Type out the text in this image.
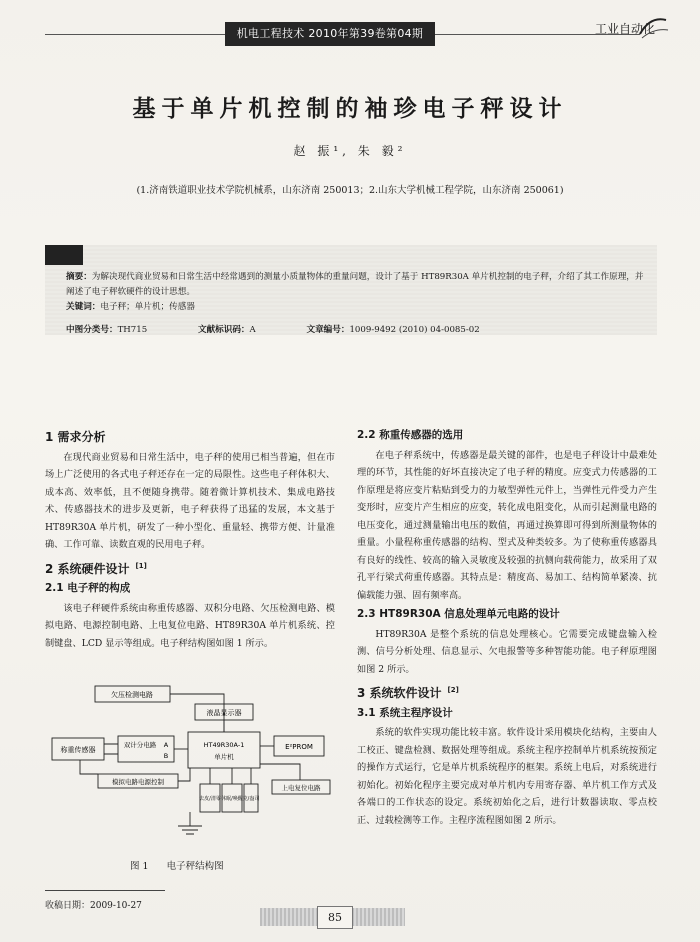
机电工程技术 2010年第39卷第04期	工业自动化
基于单片机控制的袖珍电子秤设计
赵 振¹, 朱 毅²
(1.济南铁道职业技术学院机械系，山东济南 250013；2.山东大学机械工程学院，山东济南 250061)
摘要：为解决现代商业贸易和日常生活中经常遇到的测量小质量物体的重量问题，设计了基于 HT89R30A 单片机控制的电子秤，介绍了其工作原理，并阐述了电子秤软硬件的设计思想。
关键词：电子秤；单片机；传感器
中图分类号：TH715	文献标识码：A	文章编号：1009-9492 (2010) 04-0085-02
1 需求分析

在现代商业贸易和日常生活中，电子秤的使用已相当普遍，但在市场上广泛使用的各式电子秤还存在一定的局限性。这些电子秤体积大、成本高、效率低，且不便随身携带。随着微计算机技术、集成电路技术、传感器技术的进步及更新，电子秤获得了迅猛的发展，本文基于HT89R30A 单片机，研发了一种小型化、重量轻、携带方便、计量准确、工作可靠、读数直观的民用电子秤。

2 系统硬件设计 [1]
2.1 电子秤的构成

该电子秤硬件系统由称重传感器、双积分电路、欠压检测电路、模拟电路、电源控制电路、上电复位电路、HT89R30A 单片机系统、控制键盘、LCD 显示等组成。电子秤结构图如图 1 所示。

2.2 称重传感器的选用

在电子秤系统中，传感器是最关键的部件，也是电子秤设计中最难处理的环节，其性能的好坏直接决定了电子秤的精度。应变式力传感器的工作原理是将应变片粘贴到受力的力敏型弹性元件上，当弹性元件受力产生变形时，应变片产生相应的应变，转化成电阻变化，从而引起测量电路的电压变化，通过测量输出电压的数值，再通过换算即可得到所测量物体的重量。小量程称重传感器的结构、型式及种类较多。为了使称重传感器具有良好的线性、较高的输入灵敏度及较强的抗侧向载荷能力，故采用了双孔平行梁式荷重传感器。其特点是：精度高、易加工、结构简单紧凑、抗偏载能力强、固有频率高。

2.3 HT89R30A 信息处理单元电路的设计

HT89R30A 是整个系统的信息处理核心。它需要完成键盘输入检测、信号分析处理、信息显示、欠电报警等多种智能功能。电子秤原理图如图 2 所示。

3 系统软件设计 [2]
3.1 系统主程序设计

系统的软件实现功能比较丰富。软件设计采用模块化结构，主要由人工校正、键盘检测、数据处理等组成。系统主程序控制单片机系统按预定的操作方式运行，它是单片机系统程序的框架。系统上电后，对系统进行初始化。初始化程序主要完成对单片机内专用寄存器、单片机工作方式及各端口的工作状态的设定。系统初始化之后，进行计数器读取、零点校正、过载检测等工作。主程序流程图如图 2 所示。

欠压检测电路
液晶显示器
称重传感器
双计分电路 A
B
HT49R30A-1
单片机
E²PROM
模拟电路电源控制
去皮/清零 休眠/唤醒 克/盎司
上电复位电路
图 1 电子秤结构图
收稿日期：2009-10-27
85
